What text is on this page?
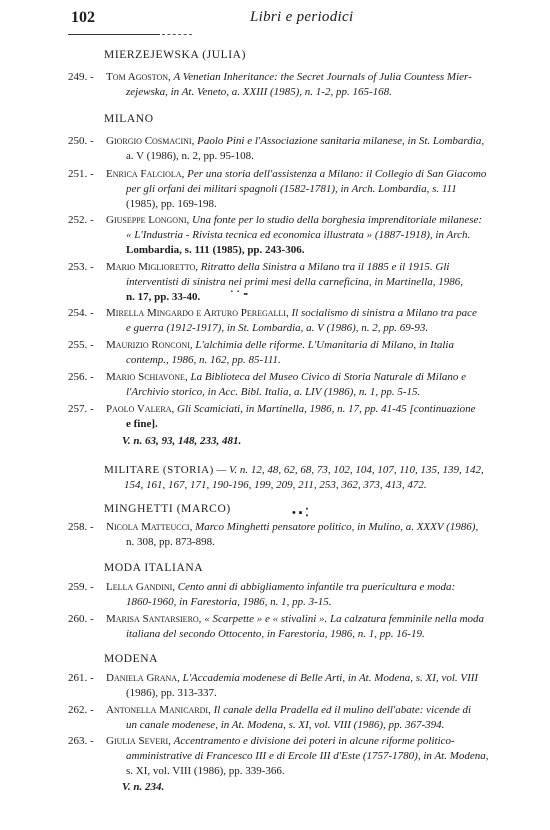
102	Libri e periodici
MIERZEJEWSKA (JULIA)
249. -	Tom Agoston, A Venetian Inheritance: the Secret Journals of Julia Countess Mier-
zejewska, in At. Veneto, a. XXIII (1985), n. 1-2, pp. 165-168.
MILANO
250. -	Giorgio Cosmacini, Paolo Pini e l'Associazione sanitaria milanese, in St. Lombardia,
a. V (1986), n. 2, pp. 95-108.
251. -	Enrica Falciola, Per una storia dell'assistenza a Milano: il Collegio di San Giacomo
per gli orfani dei militari spagnoli (1582-1781), in Arch. Lombardia, s. 111
(1985), pp. 169-198.
252. -	Giuseppe Longoni, Una fonte per lo studio della borghesia imprenditoriale milanese:
« L'Industria - Rivista tecnica ed economica illustrata » (1887-1918), in Arch.
Lombardia, s. 111 (1985), pp. 243-306.
253. -	Mario Miglioretto, Ritratto della Sinistra a Milano tra il 1885 e il 1915. Gli
interventisti di sinistra nei primi mesi della carneficina, in Martinella, 1986,
n. 17, pp. 33-40.	˙ ˙ ⁃
254. -	Mirella Mingardo e Arturo Peregalli, Il socialismo di sinistra a Milano tra pace
e guerra (1912-1917), in St. Lombardia, a. V (1986), n. 2, pp. 69-93.
255. -	Maurizio Ronconi, L'alchimia delle riforme. L'Umanitaria di Milano, in Italia
contemp., 1986, n. 162, pp. 85-111.
256. -	Mario Schiavone, La Biblioteca del Museo Civico di Storia Naturale di Milano e
l'Archivio storico, in Acc. Bibl. Italia, a. LIV (1986), n. 1, pp. 5-15.
257. -	Paolo Valera, Gli Scamiciati, in Martinella, 1986, n. 17, pp. 41-45 [continuazione
e fine].
V. n. 63, 93, 148, 233, 481.
MILITARE (STORIA) — V. n. 12, 48, 62, 68, 73, 102, 104, 107, 110, 135, 139, 142,
154, 161, 167, 171, 190-196, 199, 209, 211, 253, 362, 373, 413, 472.
MINGHETTI (MARCO)	• ▪ ⁚
258. -	Nicola Matteucci, Marco Minghetti pensatore politico, in Mulino, a. XXXV (1986),
n. 308, pp. 873-898.
MODA ITALIANA
259. -	Lella Gandini, Cento anni di abbigliamento infantile tra puericultura e moda:
1860-1960, in Farestoria, 1986, n. 1, pp. 3-15.
260. -	Marisa Santarsiero, « Scarpette » e « stivalini ». La calzatura femminile nella moda
italiana del secondo Ottocento, in Farestoria, 1986, n. 1, pp. 16-19.
MODENA
261. -	Daniela Grana, L'Accademia modenese di Belle Arti, in At. Modena, s. XI, vol. VIII
(1986), pp. 313-337.
262. -	Antonella Manicardi, Il canale della Pradella ed il mulino dell'abate: vicende di
un canale modenese, in At. Modena, s. XI, vol. VIII (1986), pp. 367-394.
263. -	Giulia Severi, Accentramento e divisione dei poteri in alcune riforme politico-
amministrative di Francesco III e di Ercole III d'Este (1757-1780), in At. Modena,
s. XI, vol. VIII (1986), pp. 339-366.
V. n. 234.
